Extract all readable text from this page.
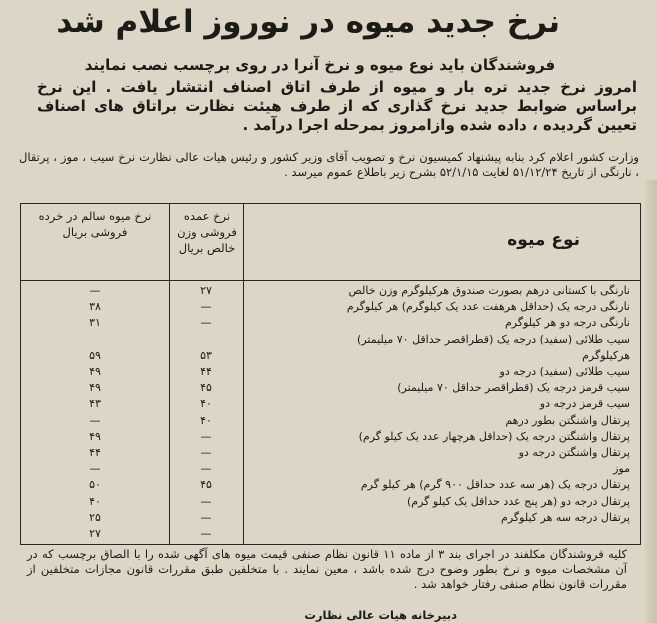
نرخ جدید میوه در نوروز اعلام شد
فروشندگان باید نوع میوه و نرخ آنرا در روی برچسب نصب نمایند
امروز نرخ جدید تره بار و میوه از طرف اتاق اصناف انتشار یافت . این نرخ براساس ضوابط جدید نرخ گذاری که از طرف هیئت نظارت براتاق های اصناف تعیین گردیده ، داده شده وازامروز بمرحله اجرا درآمد .
وزارت کشور اعلام کرد بنابه پیشنهاد کمیسیون نرخ و تصویب آقای وزیر کشور و رئیس هیات عالی نظارت نرخ سیب ، موز ، پرتقال ، نارنگی از تاریخ ۵۱/۱۲/۲۴ لغایت ۵۲/۱/۱۵ بشرح زیر باطلاع عموم میرسد .
نرخ میوه سالم در خرده فروشی بریال
نرخ عمده فروشی وزن خالص بریال	نوع میوه
—	۲۷	نارنگی با کستانی درهم بصورت صندوق هرکیلوگرم وزن خالص
۳۸	—	نارنگی درجه یک (حداقل هرهفت عدد یک کیلوگرم) هر کیلوگرم
۳۱	—	نارنگی درجه دو هر کیلوگرم
سیب طلائی (سفید) درجه یک (قطراقصر حداقل ۷۰ میلیمتر)
۵۹	۵۳	هرکیلوگرم
۴۹	۴۴	سیب طلائی (سفید) درجه دو
۴۹	۴۵	سیب قرمز درجه یک (قطراقصر حداقل ۷۰ میلیمتر)
۴۳	۴۰	سیب قرمز درجه دو
—	۴۰	پرتقال واشنگتن بطور درهم
۴۹	—	پرتقال واشنگتن درجه یک (حداقل هرچهار عدد یک کیلو گرم)
۴۴	—	پرتقال واشنگتن درجه دو
—	—	موز
۵۰	۴۵	پرتقال درجه یک (هر سه عدد حداقل ۹۰۰ گرم) هر کیلو گرم
۴۰	—	پرتقال درجه دو (هر پنج عدد حداقل یک کیلو گرم)
۲۵	—	پرتقال درجه سه هر کیلوگرم
۲۷	—
کلیه فروشندگان مکلفند در اجرای بند ۳ از ماده ۱۱ قانون نظام صنفی قیمت میوه های آگهی شده را با الصاق برچسب که در آن مشخصات میوه و نرخ بطور وضوح درج شده باشد ، معین نمایند . با متخلفین طبق مقررات قانون مجازات متخلفین از مقررات قانون نظام صنفی رفتار خواهد شد .
دبیرخانه هیات عالی نظارت
